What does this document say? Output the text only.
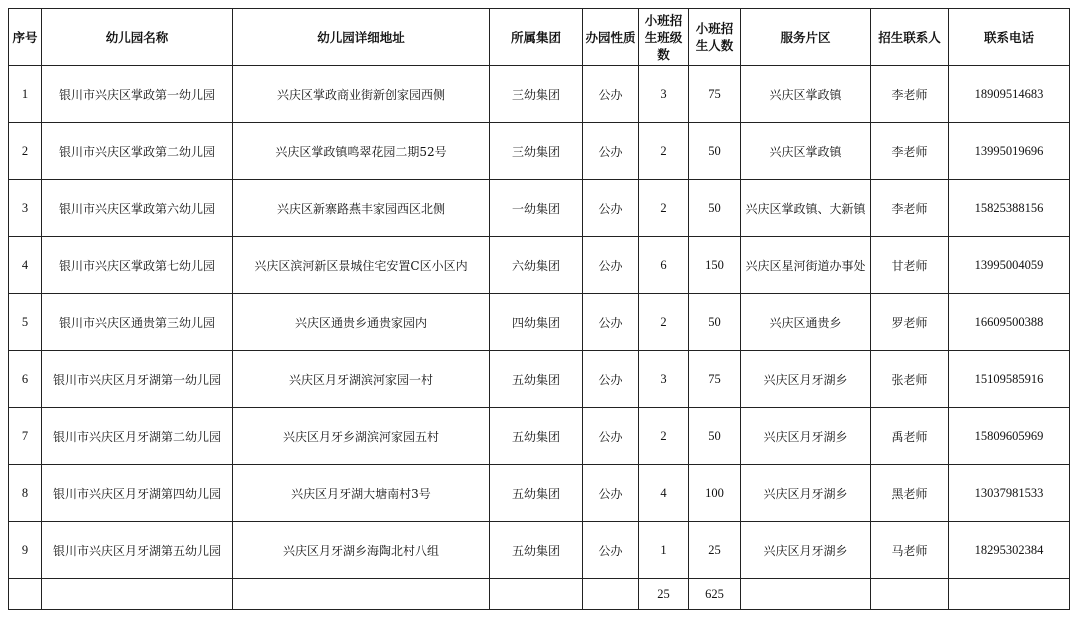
序号	幼儿园名称	幼儿园详细地址	所属集团	办园性质	小班招生班级数	小班招生人数	服务片区	招生联系人	联系电话
1	银川市兴庆区掌政第一幼儿园	兴庆区掌政商业街新创家园西侧	三幼集团	公办	3	75	兴庆区掌政镇	李老师	18909514683
2	银川市兴庆区掌政第二幼儿园	兴庆区掌政镇鸣翠花园二期52号	三幼集团	公办	2	50	兴庆区掌政镇	李老师	13995019696
3	银川市兴庆区掌政第六幼儿园	兴庆区新寨路燕丰家园西区北侧	一幼集团	公办	2	50	兴庆区掌政镇、大新镇	李老师	15825388156
4	银川市兴庆区掌政第七幼儿园	兴庆区滨河新区景城住宅安置C区小区内	六幼集团	公办	6	150	兴庆区星河街道办事处	甘老师	13995004059
5	银川市兴庆区通贵第三幼儿园	兴庆区通贵乡通贵家园内	四幼集团	公办	2	50	兴庆区通贵乡	罗老师	16609500388
6	银川市兴庆区月牙湖第一幼儿园	兴庆区月牙湖滨河家园一村	五幼集团	公办	3	75	兴庆区月牙湖乡	张老师	15109585916
7	银川市兴庆区月牙湖第二幼儿园	兴庆区月牙乡湖滨河家园五村	五幼集团	公办	2	50	兴庆区月牙湖乡	禹老师	15809605969
8	银川市兴庆区月牙湖第四幼儿园	兴庆区月牙湖大塘南村3号	五幼集团	公办	4	100	兴庆区月牙湖乡	黑老师	13037981533
9	银川市兴庆区月牙湖第五幼儿园	兴庆区月牙湖乡海陶北村八组	五幼集团	公办	1	25	兴庆区月牙湖乡	马老师	18295302384
					25	625			
